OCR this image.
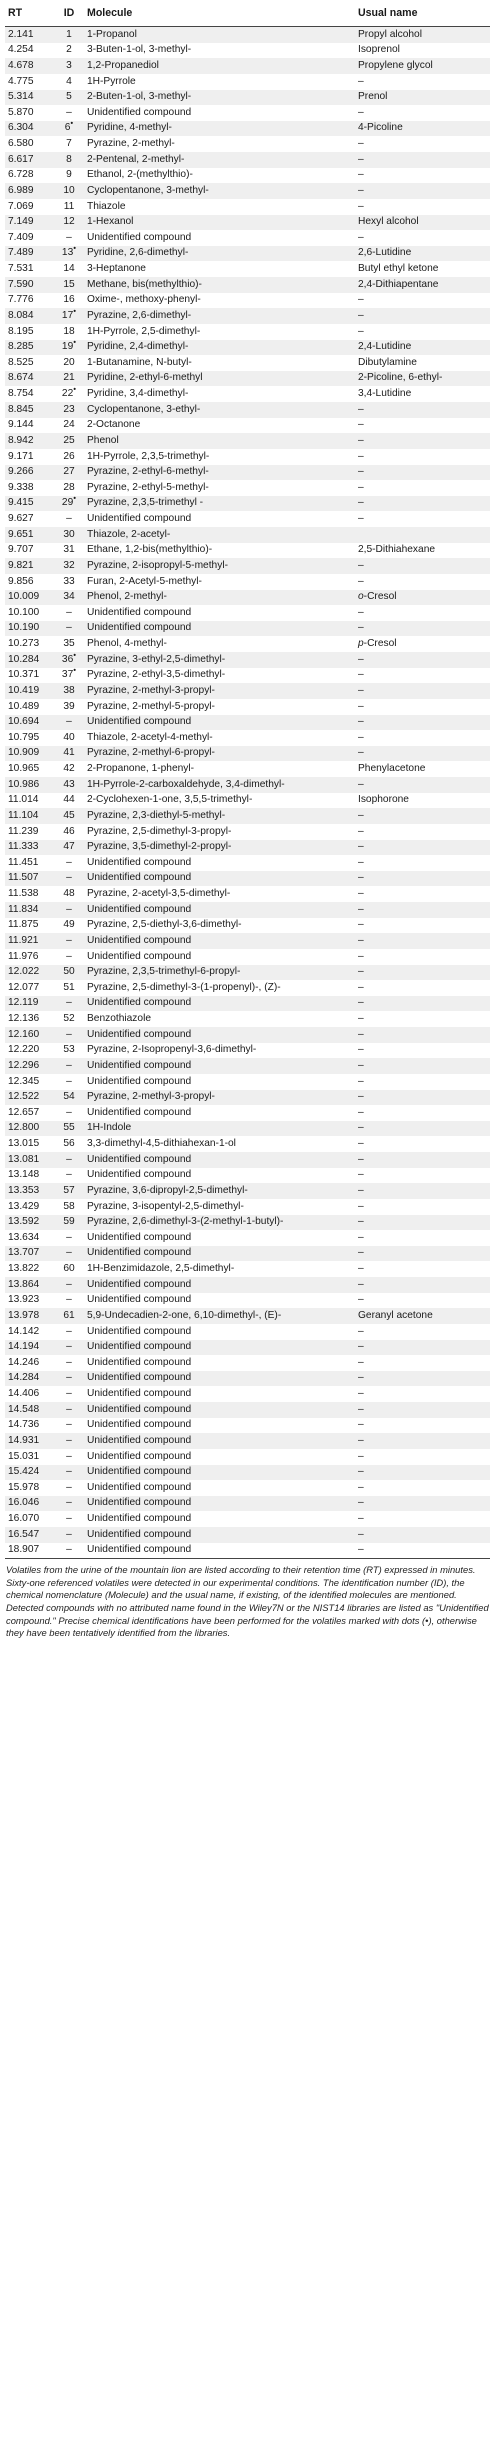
RT	ID	Molecule	Usual name
2.141	1	1-Propanol	Propyl alcohol
4.254	2	3-Buten-1-ol, 3-methyl-	Isoprenol
4.678	3	1,2-Propanediol	Propylene glycol
4.775	4	1H-Pyrrole	–
5.314	5	2-Buten-1-ol, 3-methyl-	Prenol
5.870	–	Unidentified compound	–
6.304	6•	Pyridine, 4-methyl-	4-Picoline
6.580	7	Pyrazine, 2-methyl-	–
6.617	8	2-Pentenal, 2-methyl-	–
6.728	9	Ethanol, 2-(methylthio)-	–
6.989	10	Cyclopentanone, 3-methyl-	–
7.069	11	Thiazole	–
7.149	12	1-Hexanol	Hexyl alcohol
7.409	–	Unidentified compound	–
7.489	13•	Pyridine, 2,6-dimethyl-	2,6-Lutidine
7.531	14	3-Heptanone	Butyl ethyl ketone
7.590	15	Methane, bis(methylthio)-	2,4-Dithiapentane
7.776	16	Oxime-, methoxy-phenyl-	–
8.084	17•	Pyrazine, 2,6-dimethyl-	–
8.195	18	1H-Pyrrole, 2,5-dimethyl-	–
8.285	19•	Pyridine, 2,4-dimethyl-	2,4-Lutidine
8.525	20	1-Butanamine, N-butyl-	Dibutylamine
8.674	21	Pyridine, 2-ethyl-6-methyl	2-Picoline, 6-ethyl-
8.754	22•	Pyridine, 3,4-dimethyl-	3,4-Lutidine
8.845	23	Cyclopentanone, 3-ethyl-	–
9.144	24	2-Octanone	–
8.942	25	Phenol	–
9.171	26	1H-Pyrrole, 2,3,5-trimethyl-	–
9.266	27	Pyrazine, 2-ethyl-6-methyl-	–
9.338	28	Pyrazine, 2-ethyl-5-methyl-	–
9.415	29•	Pyrazine, 2,3,5-trimethyl -	–
9.627	–	Unidentified compound	–
9.651	30	Thiazole, 2-acetyl-	
9.707	31	Ethane, 1,2-bis(methylthio)-	2,5-Dithiahexane
9.821	32	Pyrazine, 2-isopropyl-5-methyl-	–
9.856	33	Furan, 2-Acetyl-5-methyl-	–
10.009	34	Phenol, 2-methyl-	o-Cresol
10.100	–	Unidentified compound	–
10.190	–	Unidentified compound	–
10.273	35	Phenol, 4-methyl-	p-Cresol
10.284	36•	Pyrazine, 3-ethyl-2,5-dimethyl-	–
10.371	37•	Pyrazine, 2-ethyl-3,5-dimethyl-	–
10.419	38	Pyrazine, 2-methyl-3-propyl-	–
10.489	39	Pyrazine, 2-methyl-5-propyl-	–
10.694	–	Unidentified compound	–
10.795	40	Thiazole, 2-acetyl-4-methyl-	–
10.909	41	Pyrazine, 2-methyl-6-propyl-	–
10.965	42	2-Propanone, 1-phenyl-	Phenylacetone
10.986	43	1H-Pyrrole-2-carboxaldehyde, 3,4-dimethyl-	–
11.014	44	2-Cyclohexen-1-one, 3,5,5-trimethyl-	Isophorone
11.104	45	Pyrazine, 2,3-diethyl-5-methyl-	–
11.239	46	Pyrazine, 2,5-dimethyl-3-propyl-	–
11.333	47	Pyrazine, 3,5-dimethyl-2-propyl-	–
11.451	–	Unidentified compound	–
11.507	–	Unidentified compound	–
11.538	48	Pyrazine, 2-acetyl-3,5-dimethyl-	–
11.834	–	Unidentified compound	–
11.875	49	Pyrazine, 2,5-diethyl-3,6-dimethyl-	–
11.921	–	Unidentified compound	–
11.976	–	Unidentified compound	–
12.022	50	Pyrazine, 2,3,5-trimethyl-6-propyl-	–
12.077	51	Pyrazine, 2,5-dimethyl-3-(1-propenyl)-, (Z)-	–
12.119	–	Unidentified compound	–
12.136	52	Benzothiazole	–
12.160	–	Unidentified compound	–
12.220	53	Pyrazine, 2-Isopropenyl-3,6-dimethyl-	–
12.296	–	Unidentified compound	–
12.345	–	Unidentified compound	–
12.522	54	Pyrazine, 2-methyl-3-propyl-	–
12.657	–	Unidentified compound	–
12.800	55	1H-Indole	–
13.015	56	3,3-dimethyl-4,5-dithiahexan-1-ol	–
13.081	–	Unidentified compound	–
13.148	–	Unidentified compound	–
13.353	57	Pyrazine, 3,6-dipropyl-2,5-dimethyl-	–
13.429	58	Pyrazine, 3-isopentyl-2,5-dimethyl-	–
13.592	59	Pyrazine, 2,6-dimethyl-3-(2-methyl-1-butyl)-	–
13.634	–	Unidentified compound	–
13.707	–	Unidentified compound	–
13.822	60	1H-Benzimidazole, 2,5-dimethyl-	–
13.864	–	Unidentified compound	–
13.923	–	Unidentified compound	–
13.978	61	5,9-Undecadien-2-one, 6,10-dimethyl-, (E)-	Geranyl acetone
14.142	–	Unidentified compound	–
14.194	–	Unidentified compound	–
14.246	–	Unidentified compound	–
14.284	–	Unidentified compound	–
14.406	–	Unidentified compound	–
14.548	–	Unidentified compound	–
14.736	–	Unidentified compound	–
14.931	–	Unidentified compound	–
15.031	–	Unidentified compound	–
15.424	–	Unidentified compound	–
15.978	–	Unidentified compound	–
16.046	–	Unidentified compound	–
16.070	–	Unidentified compound	–
16.547	–	Unidentified compound	–
18.907	–	Unidentified compound	–
Volatiles from the urine of the mountain lion are listed according to their retention time (RT) expressed in minutes. Sixty-one referenced volatiles were detected in our experimental conditions. The identification number (ID), the chemical nomenclature (Molecule) and the usual name, if existing, of the identified molecules are mentioned. Detected compounds with no attributed name found in the Wiley7N or the NIST14 libraries are listed as "Unidentified compound." Precise chemical identifications have been performed for the volatiles marked with dots (•), otherwise they have been tentatively identified from the libraries.
